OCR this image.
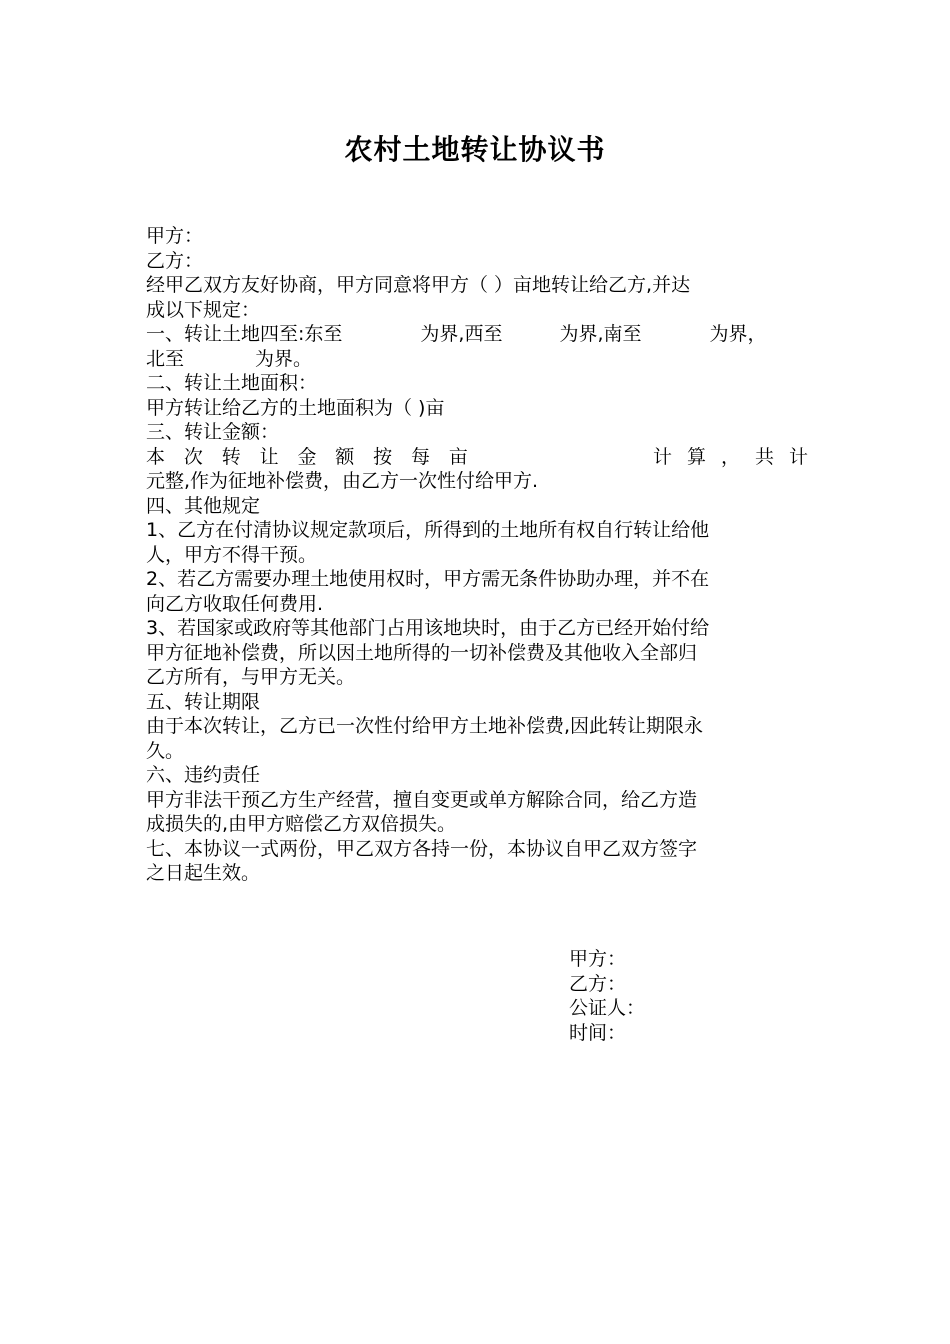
农村土地转让协议书
甲方：
乙方：
经甲乙双方友好协商，甲方同意将甲方（ ）亩地转让给乙方,并达
成以下规定：
一、转让土地四至:东至	为界,西至	为界,南至	为界，
北至	为界。
二、转让土地面积：
甲方转让给乙方的土地面积为（ )亩
三、转让金额：
本 次 转 让 金 额 按 每 亩	计 算 ， 共 计
元整,作为征地补偿费，由乙方一次性付给甲方.
四、其他规定
1、乙方在付清协议规定款项后，所得到的土地所有权自行转让给他
人，甲方不得干预。
2、若乙方需要办理土地使用权时，甲方需无条件协助办理，并不在
向乙方收取任何费用.
3、若国家或政府等其他部门占用该地块时，由于乙方已经开始付给
甲方征地补偿费，所以因土地所得的一切补偿费及其他收入全部归
乙方所有，与甲方无关。
五、转让期限
由于本次转让，乙方已一次性付给甲方土地补偿费,因此转让期限永
久。
六、违约责任
甲方非法干预乙方生产经营，擅自变更或单方解除合同，给乙方造
成损失的,由甲方赔偿乙方双倍损失。
七、本协议一式两份，甲乙双方各持一份，本协议自甲乙双方签字
之日起生效。
甲方：
乙方：
公证人：
时间：
